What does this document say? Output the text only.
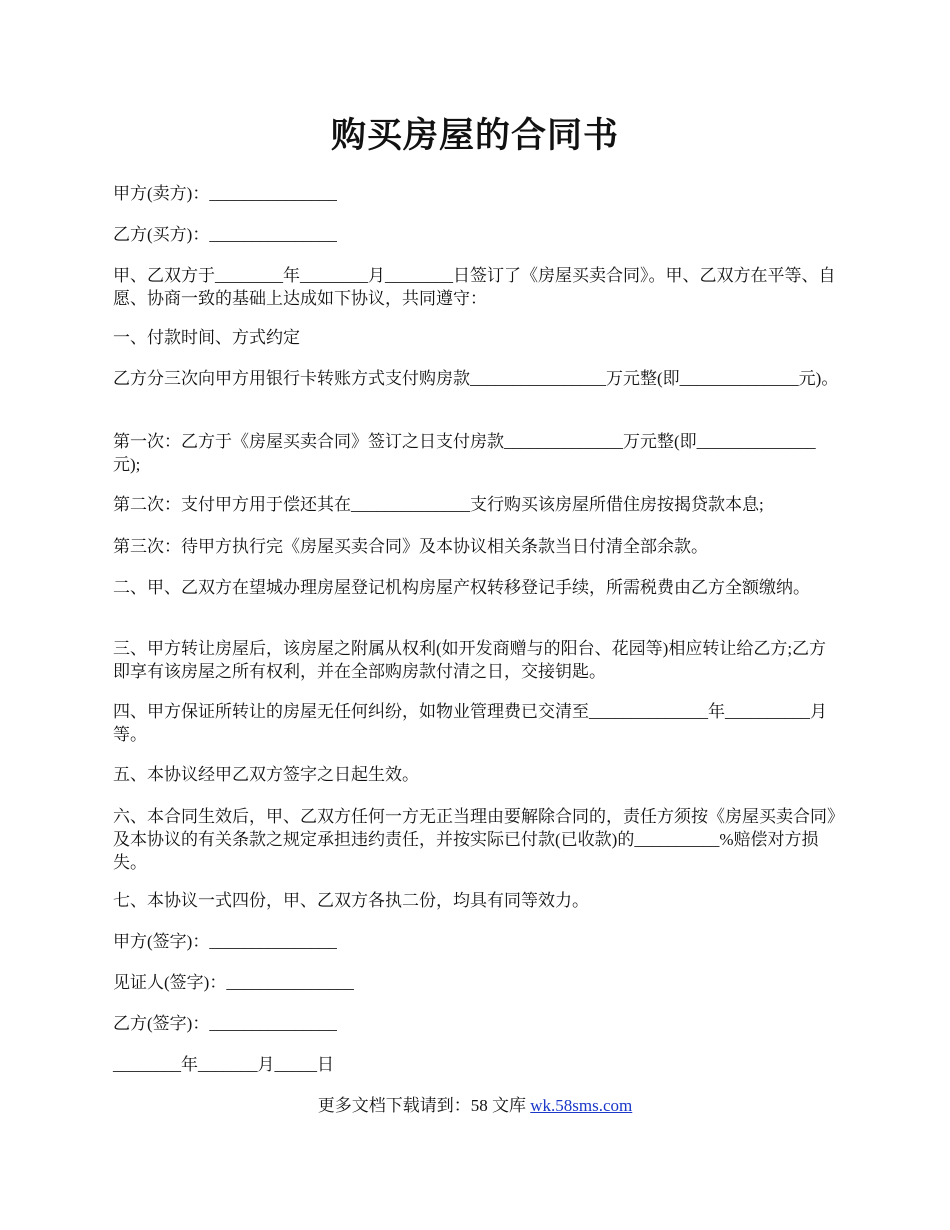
购买房屋的合同书
甲方(卖方)：_______________
乙方(买方)：_______________
甲、乙双方于________年________月________日签订了《房屋买卖合同》。甲、乙双方在平等、自愿、协商一致的基础上达成如下协议，共同遵守：
一、付款时间、方式约定
乙方分三次向甲方用银行卡转账方式支付购房款________________万元整(即______________元)。
第一次：乙方于《房屋买卖合同》签订之日支付房款______________万元整(即______________元);
第二次：支付甲方用于偿还其在______________支行购买该房屋所借住房按揭贷款本息;
第三次：待甲方执行完《房屋买卖合同》及本协议相关条款当日付清全部余款。
二、甲、乙双方在望城办理房屋登记机构房屋产权转移登记手续，所需税费由乙方全额缴纳。
三、甲方转让房屋后，该房屋之附属从权利(如开发商赠与的阳台、花园等)相应转让给乙方;乙方即享有该房屋之所有权利，并在全部购房款付清之日，交接钥匙。
四、甲方保证所转让的房屋无任何纠纷，如物业管理费已交清至______________年__________月等。
五、本协议经甲乙双方签字之日起生效。
六、本合同生效后，甲、乙双方任何一方无正当理由要解除合同的，责任方须按《房屋买卖合同》及本协议的有关条款之规定承担违约责任，并按实际已付款(已收款)的__________%赔偿对方损失。
七、本协议一式四份，甲、乙双方各执二份，均具有同等效力。
甲方(签字)：_______________
见证人(签字)：_______________
乙方(签字)：_______________
________年_______月_____日
更多文档下载请到：58 文库 wk.58sms.com
